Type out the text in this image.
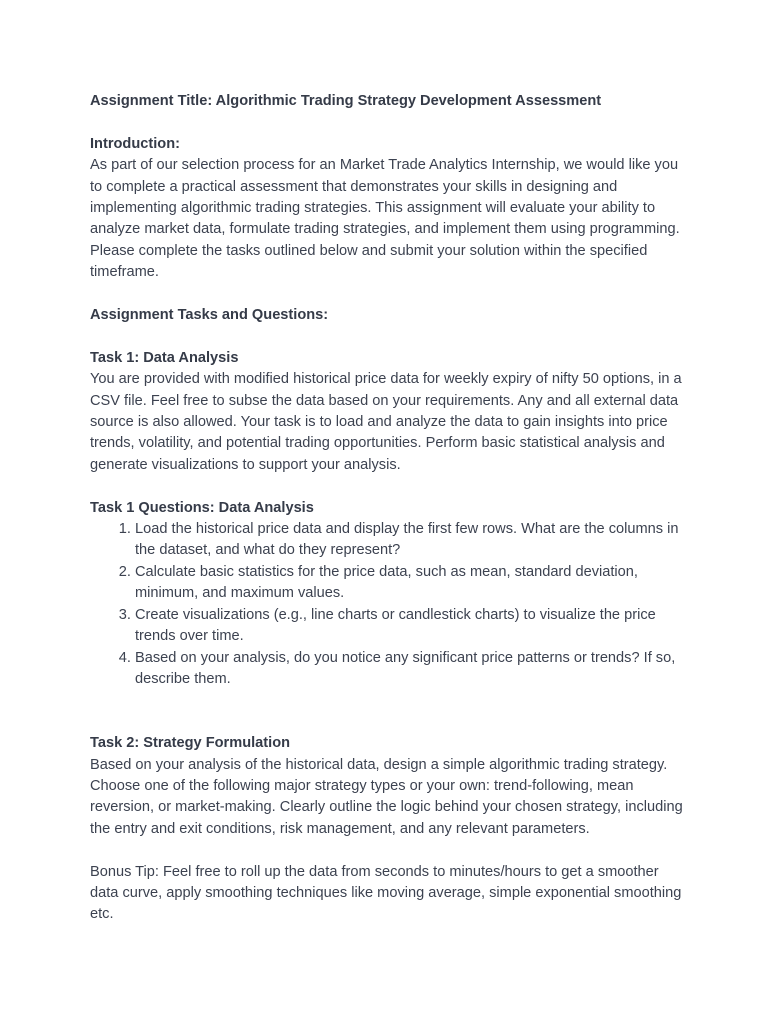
Assignment Title: Algorithmic Trading Strategy Development Assessment

Introduction:

As part of our selection process for an Market Trade Analytics Internship, we would like you to complete a practical assessment that demonstrates your skills in designing and implementing algorithmic trading strategies. This assignment will evaluate your ability to analyze market data, formulate trading strategies, and implement them using programming. Please complete the tasks outlined below and submit your solution within the specified timeframe.

Assignment Tasks and Questions:

Task 1: Data Analysis

You are provided with modified historical price data for weekly expiry of nifty 50 options, in a CSV file. Feel free to subse the data based on your requirements. Any and all external data source is also allowed. Your task is to load and analyze the data to gain insights into price trends, volatility, and potential trading opportunities. Perform basic statistical analysis and generate visualizations to support your analysis.

Task 1 Questions: Data Analysis

1. Load the historical price data and display the first few rows. What are the columns in the dataset, and what do they represent?
2. Calculate basic statistics for the price data, such as mean, standard deviation, minimum, and maximum values.
3. Create visualizations (e.g., line charts or candlestick charts) to visualize the price trends over time.
4. Based on your analysis, do you notice any significant price patterns or trends? If so, describe them.

Task 2: Strategy Formulation

Based on your analysis of the historical data, design a simple algorithmic trading strategy. Choose one of the following major strategy types or your own: trend-following, mean reversion, or market-making. Clearly outline the logic behind your chosen strategy, including the entry and exit conditions, risk management, and any relevant parameters.

Bonus Tip: Feel free to roll up the data from seconds to minutes/hours to get a smoother data curve, apply smoothing techniques like moving average, simple exponential smoothing etc.
